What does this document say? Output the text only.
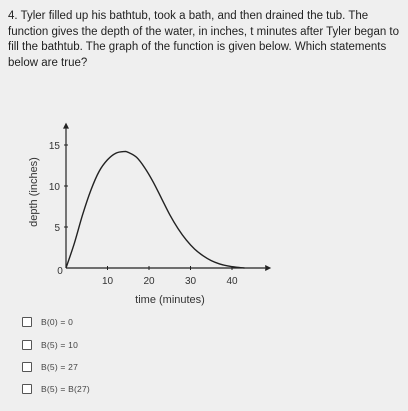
4. Tyler filled up his bathtub, took a bath, and then drained the tub. The function gives the depth of the water, in inches, t minutes after Tyler began to fill the bathtub. The graph of the function is given below. Which statements below are true?
10	20	30	40
5
10
15
time (minutes)
depth (inches)
0
B(0) = 0
B(5) = 10
B(5) = 27
B(5) = B(27)
